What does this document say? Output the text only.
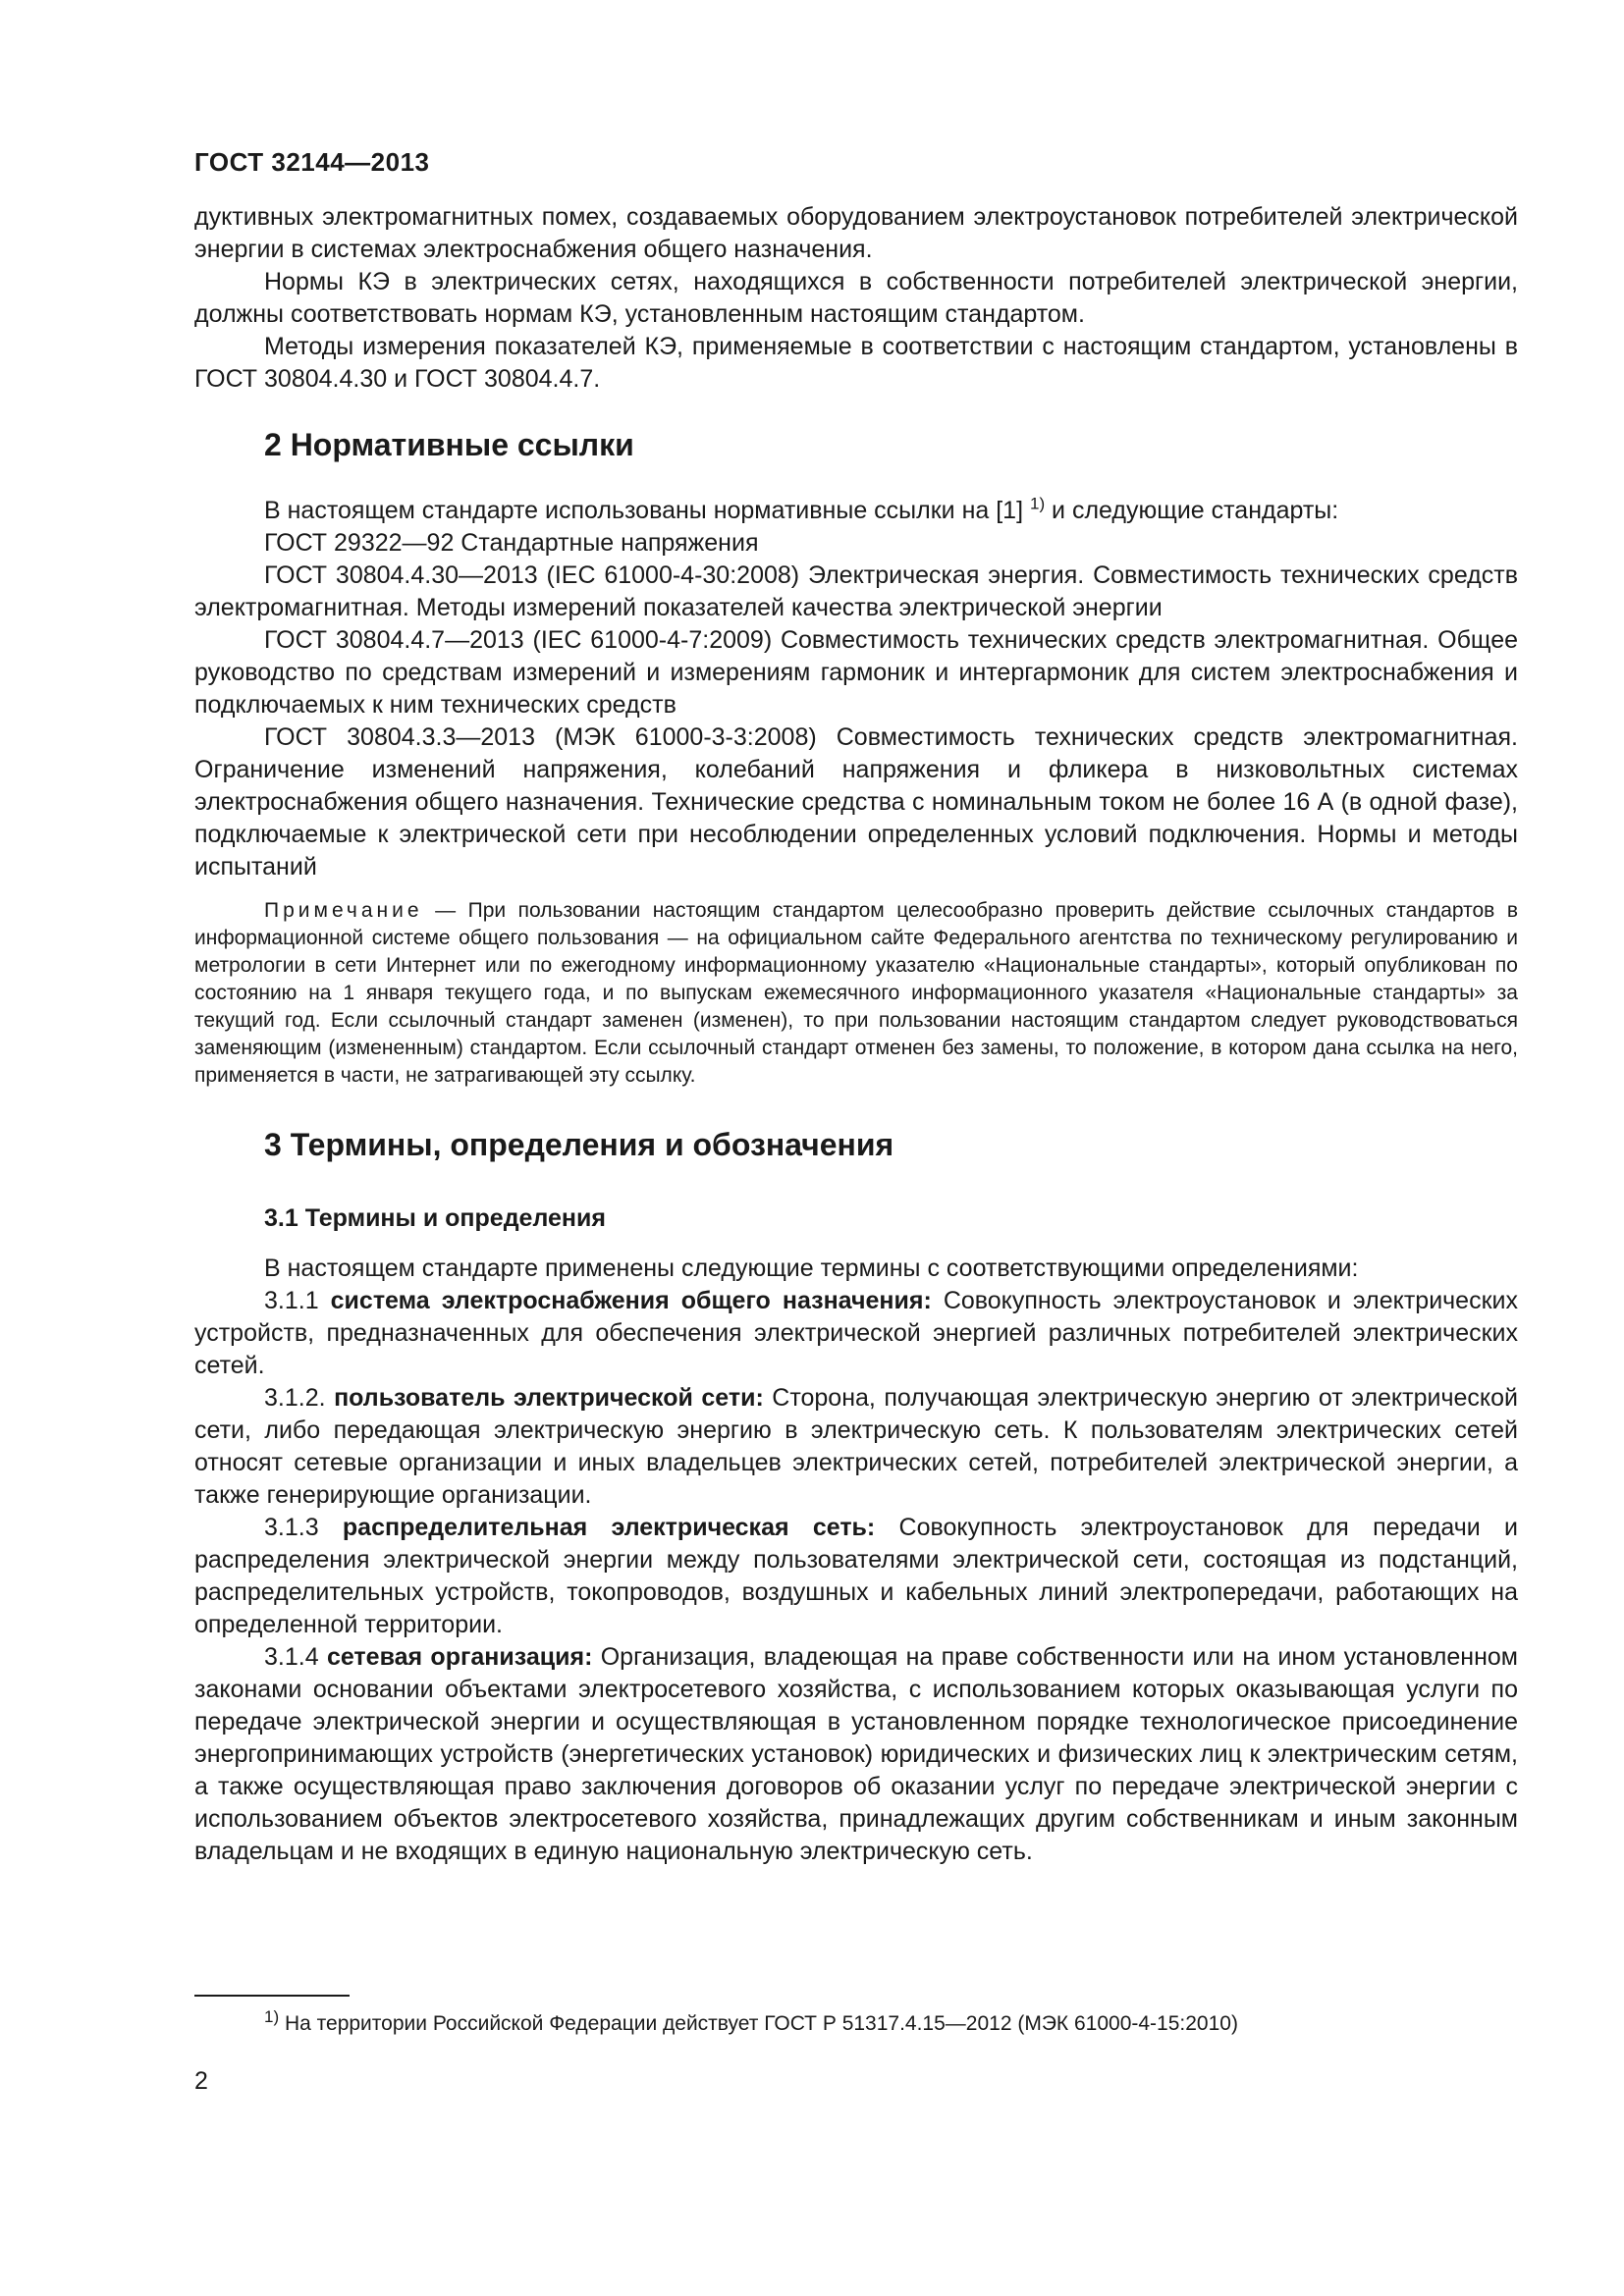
ГОСТ 32144—2013

дуктивных электромагнитных помех, создаваемых оборудованием электроустановок потребителей электрической энергии в системах электроснабжения общего назначения.

Нормы КЭ в электрических сетях, находящихся в собственности потребителей электрической энергии, должны соответствовать нормам КЭ, установленным настоящим стандартом.

Методы измерения показателей КЭ, применяемые в соответствии с настоящим стандартом, установлены в ГОСТ 30804.4.30 и ГОСТ 30804.4.7.

2 Нормативные ссылки

В настоящем стандарте использованы нормативные ссылки на [1] $^{1)}$ и следующие стандарты:

ГОСТ 29322—92 Стандартные напряжения

ГОСТ 30804.4.30—2013 (IEC 61000-4-30:2008) Электрическая энергия. Совместимость технических средств электромагнитная. Методы измерений показателей качества электрической энергии

ГОСТ 30804.4.7—2013 (IEC 61000-4-7:2009) Совместимость технических средств электромагнитная. Общее руководство по средствам измерений и измерениям гармоник и интергармоник для систем электроснабжения и подключаемых к ним технических средств

ГОСТ 30804.3.3—2013 (МЭК 61000-3-3:2008) Совместимость технических средств электромагнитная. Ограничение изменений напряжения, колебаний напряжения и фликера в низковольтных системах электроснабжения общего назначения. Технические средства с номинальным током не более 16 А (в одной фазе), подключаемые к электрической сети при несоблюдении определенных условий подключения. Нормы и методы испытаний

Примечание — При пользовании настоящим стандартом целесообразно проверить действие ссылочных стандартов в информационной системе общего пользования — на официальном сайте Федерального агентства по техническому регулированию и метрологии в сети Интернет или по ежегодному информационному указателю «Национальные стандарты», который опубликован по состоянию на 1 января текущего года, и по выпускам ежемесячного информационного указателя «Национальные стандарты» за текущий год. Если ссылочный стандарт заменен (изменен), то при пользовании настоящим стандартом следует руководствоваться заменяющим (измененным) стандартом. Если ссылочный стандарт отменен без замены, то положение, в котором дана ссылка на него, применяется в части, не затрагивающей эту ссылку.

3 Термины, определения и обозначения
3.1 Термины и определения

В настоящем стандарте применены следующие термины с соответствующими определениями:

3.1.1 система электроснабжения общего назначения: Совокупность электроустановок и электрических устройств, предназначенных для обеспечения электрической энергией различных потребителей электрических сетей.

3.1.2. пользователь электрической сети: Сторона, получающая электрическую энергию от электрической сети, либо передающая электрическую энергию в электрическую сеть. К пользователям электрических сетей относят сетевые организации и иных владельцев электрических сетей, потребителей электрической энергии, а также генерирующие организации.

3.1.3 распределительная электрическая сеть: Совокупность электроустановок для передачи и распределения электрической энергии между пользователями электрической сети, состоящая из подстанций, распределительных устройств, токопроводов, воздушных и кабельных линий электропередачи, работающих на определенной территории.

3.1.4 сетевая организация: Организация, владеющая на праве собственности или на ином установленном законами основании объектами электросетевого хозяйства, с использованием которых оказывающая услуги по передаче электрической энергии и осуществляющая в установленном порядке технологическое присоединение энергопринимающих устройств (энергетических установок) юридических и физических лиц к электрическим сетям, а также осуществляющая право заключения договоров об оказании услуг по передаче электрической энергии с использованием объектов электросетевого хозяйства, принадлежащих другим собственникам и иным законным владельцам и не входящих в единую национальную электрическую сеть.

$^{1)}$ На территории Российской Федерации действует ГОСТ Р 51317.4.15—2012 (МЭК 61000-4-15:2010)
2
